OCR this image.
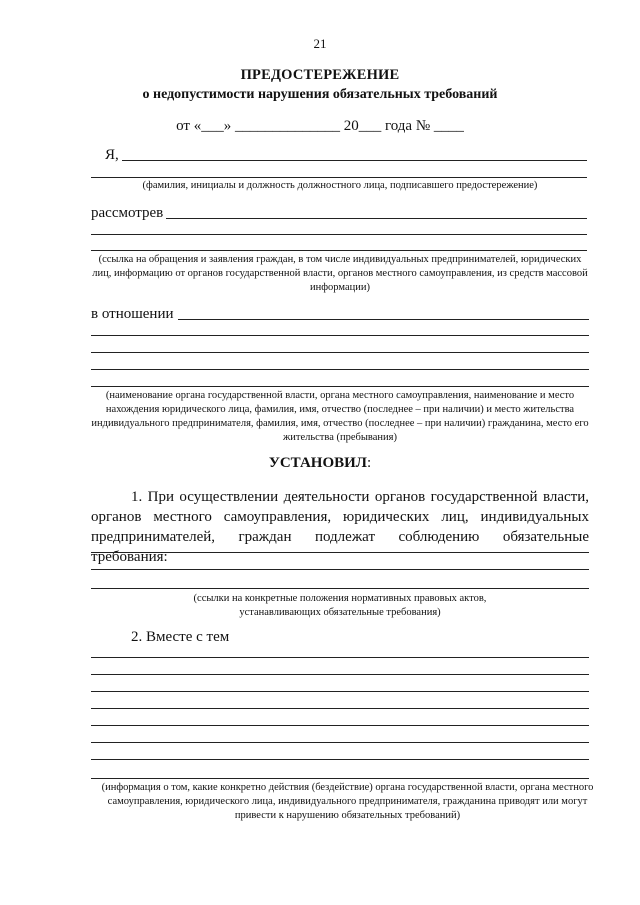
21
ПРЕДОСТЕРЕЖЕНИЕ
о недопустимости нарушения обязательных требований
от «___» ______________ 20___ года № ____
Я,
(фамилия, инициалы и должность должностного лица, подписавшего предостережение)
рассмотрев
(ссылка на обращения и заявления граждан, в том числе индивидуальных предпринимателей, юридических лиц, информацию от органов государственной власти, органов местного самоуправления, из средств массовой информации)
в отношении
(наименование органа государственной власти, органа местного самоуправления, наименование и место нахождения юридического лица, фамилия, имя, отчество (последнее – при наличии) и место жительства индивидуального предпринимателя, фамилия, имя, отчество (последнее – при наличии) гражданина, место его жительства (пребывания)
УСТАНОВИЛ:
1. При осуществлении деятельности органов государственной власти, органов местного самоуправления, юридических лиц, индивидуальных предпринимателей, граждан подлежат соблюдению обязательные требования:
(ссылки на конкретные положения нормативных правовых актов, устанавливающих обязательные требования)
2. Вместе с тем
(информация о том, какие конкретно действия (бездействие) органа государственной власти, органа местного самоуправления, юридического лица, индивидуального предпринимателя, гражданина приводят или могут привести к нарушению обязательных требований)
